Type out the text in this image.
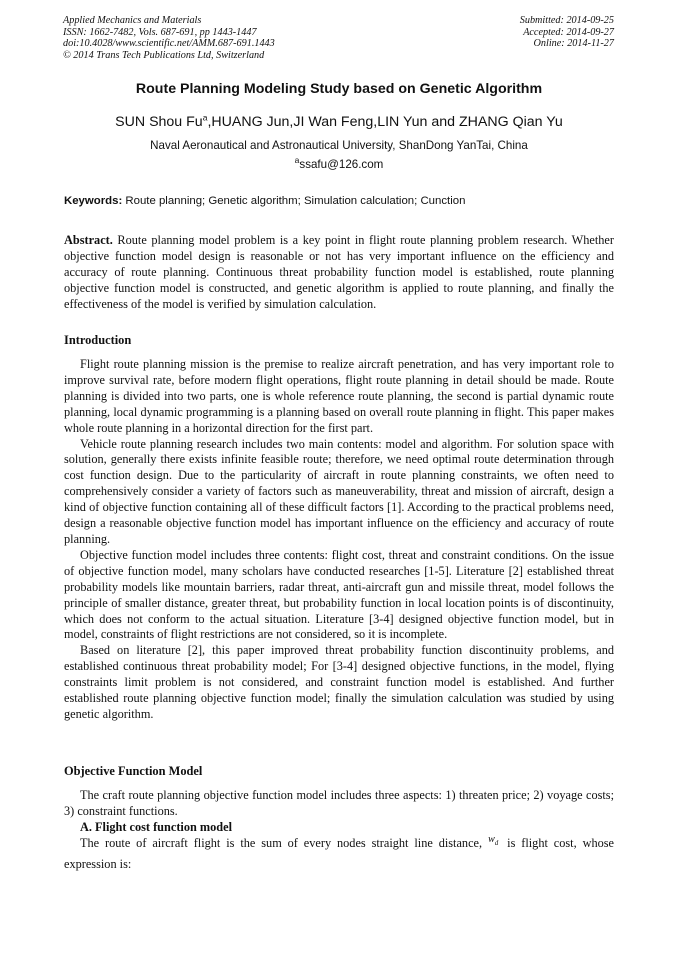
Applied Mechanics and Materials
ISSN: 1662-7482, Vols. 687-691, pp 1443-1447
doi:10.4028/www.scientific.net/AMM.687-691.1443
© 2014 Trans Tech Publications Ltd, Switzerland
Submitted: 2014-09-25
Accepted: 2014-09-27
Online: 2014-11-27
Route Planning Modeling Study based on Genetic Algorithm
SUN Shou Fu$^a$,HUANG Jun,JI Wan Feng,LIN Yun and ZHANG Qian Yu
Naval Aeronautical and Astronautical University, ShanDong YanTai, China
$^a$ssafu@126.com
Keywords: Route planning; Genetic algorithm; Simulation calculation; Cunction
Abstract. Route planning model problem is a key point in flight route planning problem research. Whether objective function model design is reasonable or not has very important influence on the efficiency and accuracy of route planning. Continuous threat probability function model is established, route planning objective function model is constructed, and genetic algorithm is applied to route planning, and finally the effectiveness of the model is verified by simulation calculation.
Introduction

Flight route planning mission is the premise to realize aircraft penetration, and has very important role to improve survival rate, before modern flight operations, flight route planning in detail should be made. Route planning is divided into two parts, one is whole reference route planning, the second is partial dynamic route planning, local dynamic programming is a planning based on overall route planning in flight. This paper makes whole route planning in a horizontal direction for the first part.

Vehicle route planning research includes two main contents: model and algorithm. For solution space with solution, generally there exists infinite feasible route; therefore, we need optimal route determination through cost function design. Due to the particularity of aircraft in route planning constraints, we often need to comprehensively consider a variety of factors such as maneuverability, threat and mission of aircraft, design a kind of objective function containing all of these difficult factors [1]. According to the practical problems need, design a reasonable objective function model has important influence on the efficiency and accuracy of route planning.

Objective function model includes three contents: flight cost, threat and constraint conditions. On the issue of objective function model, many scholars have conducted researches [1-5]. Literature [2] established threat probability models like mountain barriers, radar threat, anti-aircraft gun and missile threat, model follows the principle of smaller distance, greater threat, but probability function in local location points is of discontinuity, which does not conform to the actual situation. Literature [3-4] designed objective function model, but in model, constraints of flight restrictions are not considered, so it is incomplete.

Based on literature [2], this paper improved threat probability function discontinuity problems, and established continuous threat probability model; For [3-4] designed objective functions, in the model, flying constraints limit problem is not considered, and constraint function model is established. And further established route planning objective function model; finally the simulation calculation was studied by using genetic algorithm.

Objective Function Model

The craft route planning objective function model includes three aspects: 1) threaten price; 2) voyage costs; 3) constraint functions.

A. Flight cost function model

The route of aircraft flight is the sum of every nodes straight line distance, $^{w_d}$ is flight cost, whose expression is:
